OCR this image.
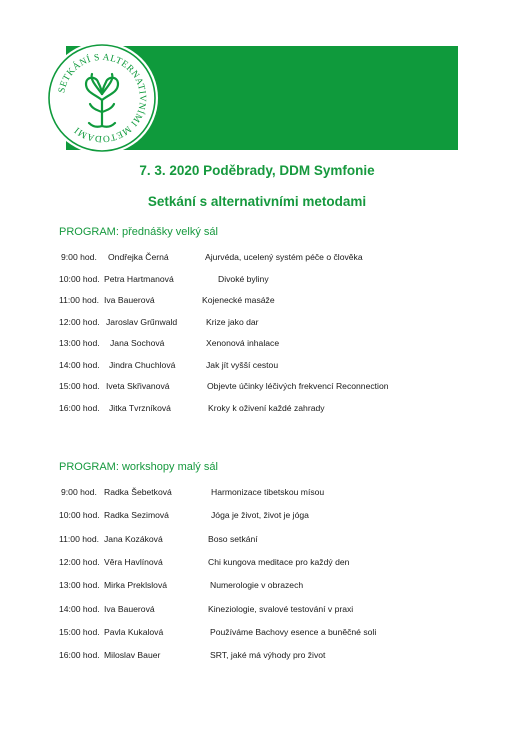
SETKÁNÍ S ALTERNATIVNÍMI METODAMI
7. 3. 2020 Poděbrady, DDM Symfonie
Setkání s alternativními metodami
PROGRAM: přednášky velký sál
9:00 hod. Ondřejka Černá	Ajurvéda, ucelený systém péče o člověka
10:00 hod. Petra Hartmanová	Divoké byliny
11:00 hod. Iva Bauerová	Kojenecké masáže
12:00 hod. Jaroslav Grűnwald	Krize jako dar
13:00 hod. Jana Sochová	Xenonová inhalace
14:00 hod. Jindra Chuchlová	Jak jít vyšší cestou
15:00 hod. Iveta Skřivanová	Objevte účinky léčivých frekvencí Reconnection
16:00 hod. Jitka Tvrzníková	Kroky k oživení každé zahrady
PROGRAM: workshopy malý sál
9:00 hod. Radka Šebetková	Harmonizace tibetskou mísou
10:00 hod. Radka Sezimová	Jóga je život, život je jóga
11:00 hod. Jana Kozáková	Boso setkání
12:00 hod. Věra Havlínová	Chi kungova meditace pro každý den
13:00 hod. Mirka Preklslová	Numerologie v obrazech
14:00 hod. Iva Bauerová	Kineziologie, svalové testování v praxi
15:00 hod. Pavla Kukalová	Používáme Bachovy esence a buněčné soli
16:00 hod. Miloslav Bauer	SRT, jaké má výhody pro život
